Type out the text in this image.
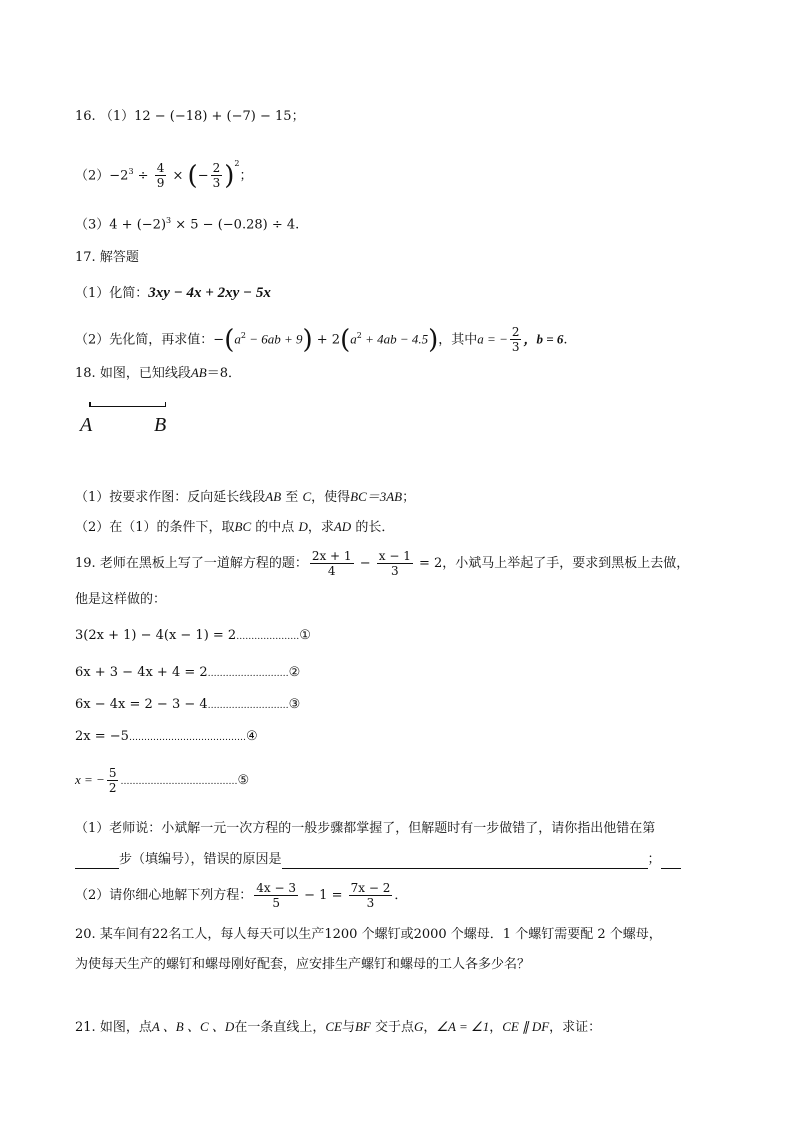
16. （1）12 − (−18) + (−7) − 15；
$(2)-2^3 \div \frac{4}{9}$ × (− $\frac{2}{3} )^2$；
$(3)4 + (-2)^3 \times 5 - (-0.28) \div 4$.
17. 解答题
（1）化简：3xy − 4x + 2xy − 5x
（2）先化简，再求值：$-(a^2 - 6ab + 9) + 2(a^2 + 4ab - 4.5)$，其中a = − $\frac{2}{3}$ ，b = 6.
18. 如图，已知线段AB＝8．
A	B
（1）按要求作图：反向延长线段AB 至 C，使得BC＝3AB；
（2）在（1）的条件下，取BC 的中点 D，求AD 的长．
19. 老师在黑板上写了一道解方程的题： $\frac{2x + 1}{4} - \frac{x - 1}{3} = 2$，小斌马上举起了手，要求到黑板上去做，
他是这样做的：
3(2x + 1) − 4(x − 1) = 2…………………①
6x + 3 − 4x + 4 = 2………………………②
6x − 4x = 2 − 3 − 4………………………③
2x = −5…………………………………④
x = − $\frac{5}{2}$ …………………………………⑤
（1）老师说：小斌解一元一次方程的一般步骤都掌握了，但解题时有一步做错了，请你指出他错在第
步（填编号），错误的原因是	；
（2）请你细心地解下列方程： $\frac{4x - 3}{5} - 1 = \frac{7x - 2}{3}$ ．
20. 某车间有22名工人，每人每天可以生产1200 个螺钉或2000 个螺母．1 个螺钉需要配 2 个螺母，
为使每天生产的螺钉和螺母刚好配套，应安排生产螺钉和螺母的工人各多少名？
21. 如图，点A 、B 、C 、D在一条直线上，CE与BF 交于点G，∠A = ∠1，CE ∥ DF，求证：
